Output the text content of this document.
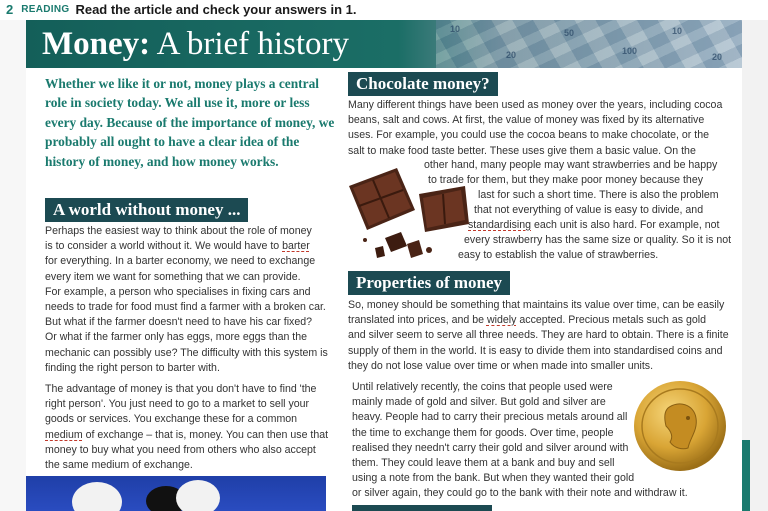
2 READING Read the article and check your answers in 1.
10
20
50
100
10
20
Money: A brief history
Whether we like it or not, money plays a central role in society today. We all use it, more or less every day. Because of the importance of money, we probably all ought to have a clear idea of the history of money, and how money works.
A world without money ...

Perhaps the easiest way to think about the role of money
is to consider a world without it. We would have to barter
for everything. In a barter economy, we need to exchange
every item we want for something that we can provide.
For example, a person who specialises in fixing cars and
needs to trade for food must find a farmer with a broken car.
But what if the farmer doesn't need to have his car fixed?
Or what if the farmer only has eggs, more eggs than the
mechanic can possibly use? The difficulty with this system is
finding the right person to barter with.

The advantage of money is that you don't have to find 'the
right person'. You just need to go to a market to sell your
goods or services. You exchange these for a common
medium of exchange – that is, money. You can then use that
money to buy what you need from others who also accept
the same medium of exchange.

Chocolate money?
Many different things have been used as money over the years, including cocoa
beans, salt and cows. At first, the value of money was fixed by its alternative
uses. For example, you could use the cocoa beans to make chocolate, or the
salt to make food taste better. These uses give them a basic value. On the
other hand, many people may want strawberries and be happy
to trade for them, but they make poor money because they
last for such a short time. There is also the problem
that not everything of value is easy to divide, and
standardising each unit is also hard. For example, not
every strawberry has the same size or quality. So it is not
easy to establish the value of strawberries.
Properties of money
So, money should be something that maintains its value over time, can be easily
translated into prices, and be widely accepted. Precious metals such as gold
and silver seem to serve all three needs. They are hard to obtain. There is a finite
supply of them in the world. It is easy to divide them into standardised coins and
they do not lose value over time or when made into smaller units.
Until relatively recently, the coins that people used were
mainly made of gold and silver. But gold and silver are
heavy. People had to carry their precious metals around all
the time to exchange them for goods. Over time, people
realised they needn't carry their gold and silver around with
them. They could leave them at a bank and buy and sell
using a note from the bank. But when they wanted their gold
or silver again, they could go to the bank with their note and withdraw it.
